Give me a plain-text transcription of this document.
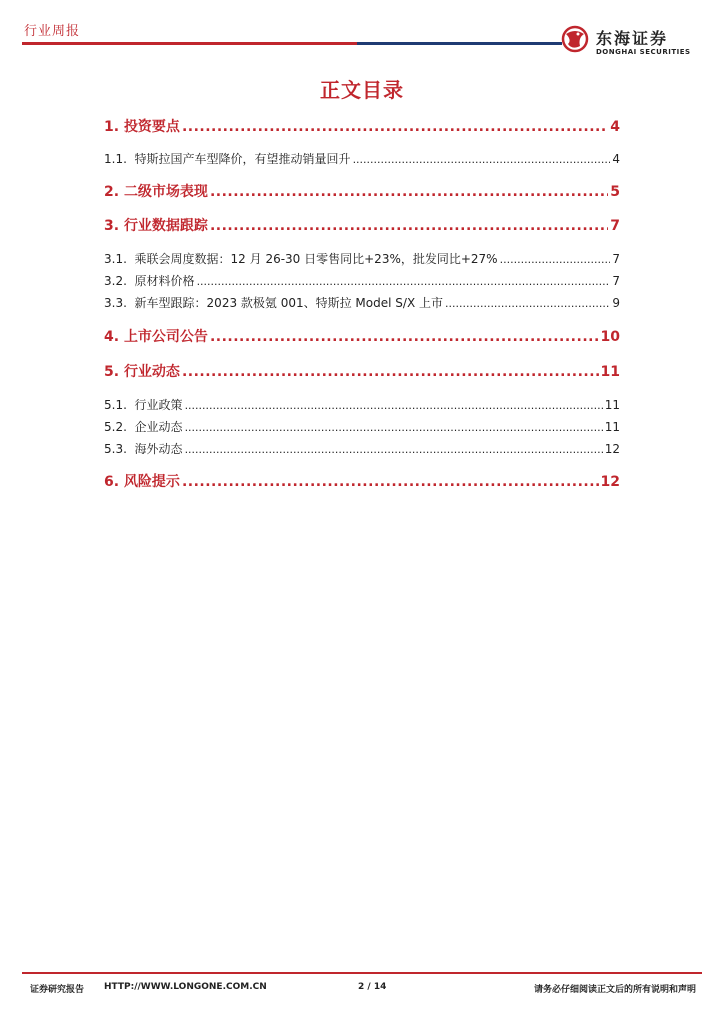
行业周报	东海证券
DONGHAI SECURITIES
正文目录
1. 投资要点 .....	4
1.1. 特斯拉国产车型降价，有望推动销量回升 .....	4
2. 二级市场表现 .....	5
3. 行业数据跟踪 .....	7
3.1. 乘联会周度数据：12 月 26-30 日零售同比+23%，批发同比+27% .....	7
3.2. 原材料价格 .....	7
3.3. 新车型跟踪：2023 款极氪 001、特斯拉 Model S/X 上市 .....	9
4. 上市公司公告 .....	10
5. 行业动态 .....	11
5.1. 行业政策 .....	11
5.2. 企业动态 .....	11
5.3. 海外动态 .....	12
6. 风险提示 .....	12
证券研究报告 HTTP://WWW.LONGONE.COM.CN	2 / 14	请务必仔细阅读正文后的所有说明和声明
